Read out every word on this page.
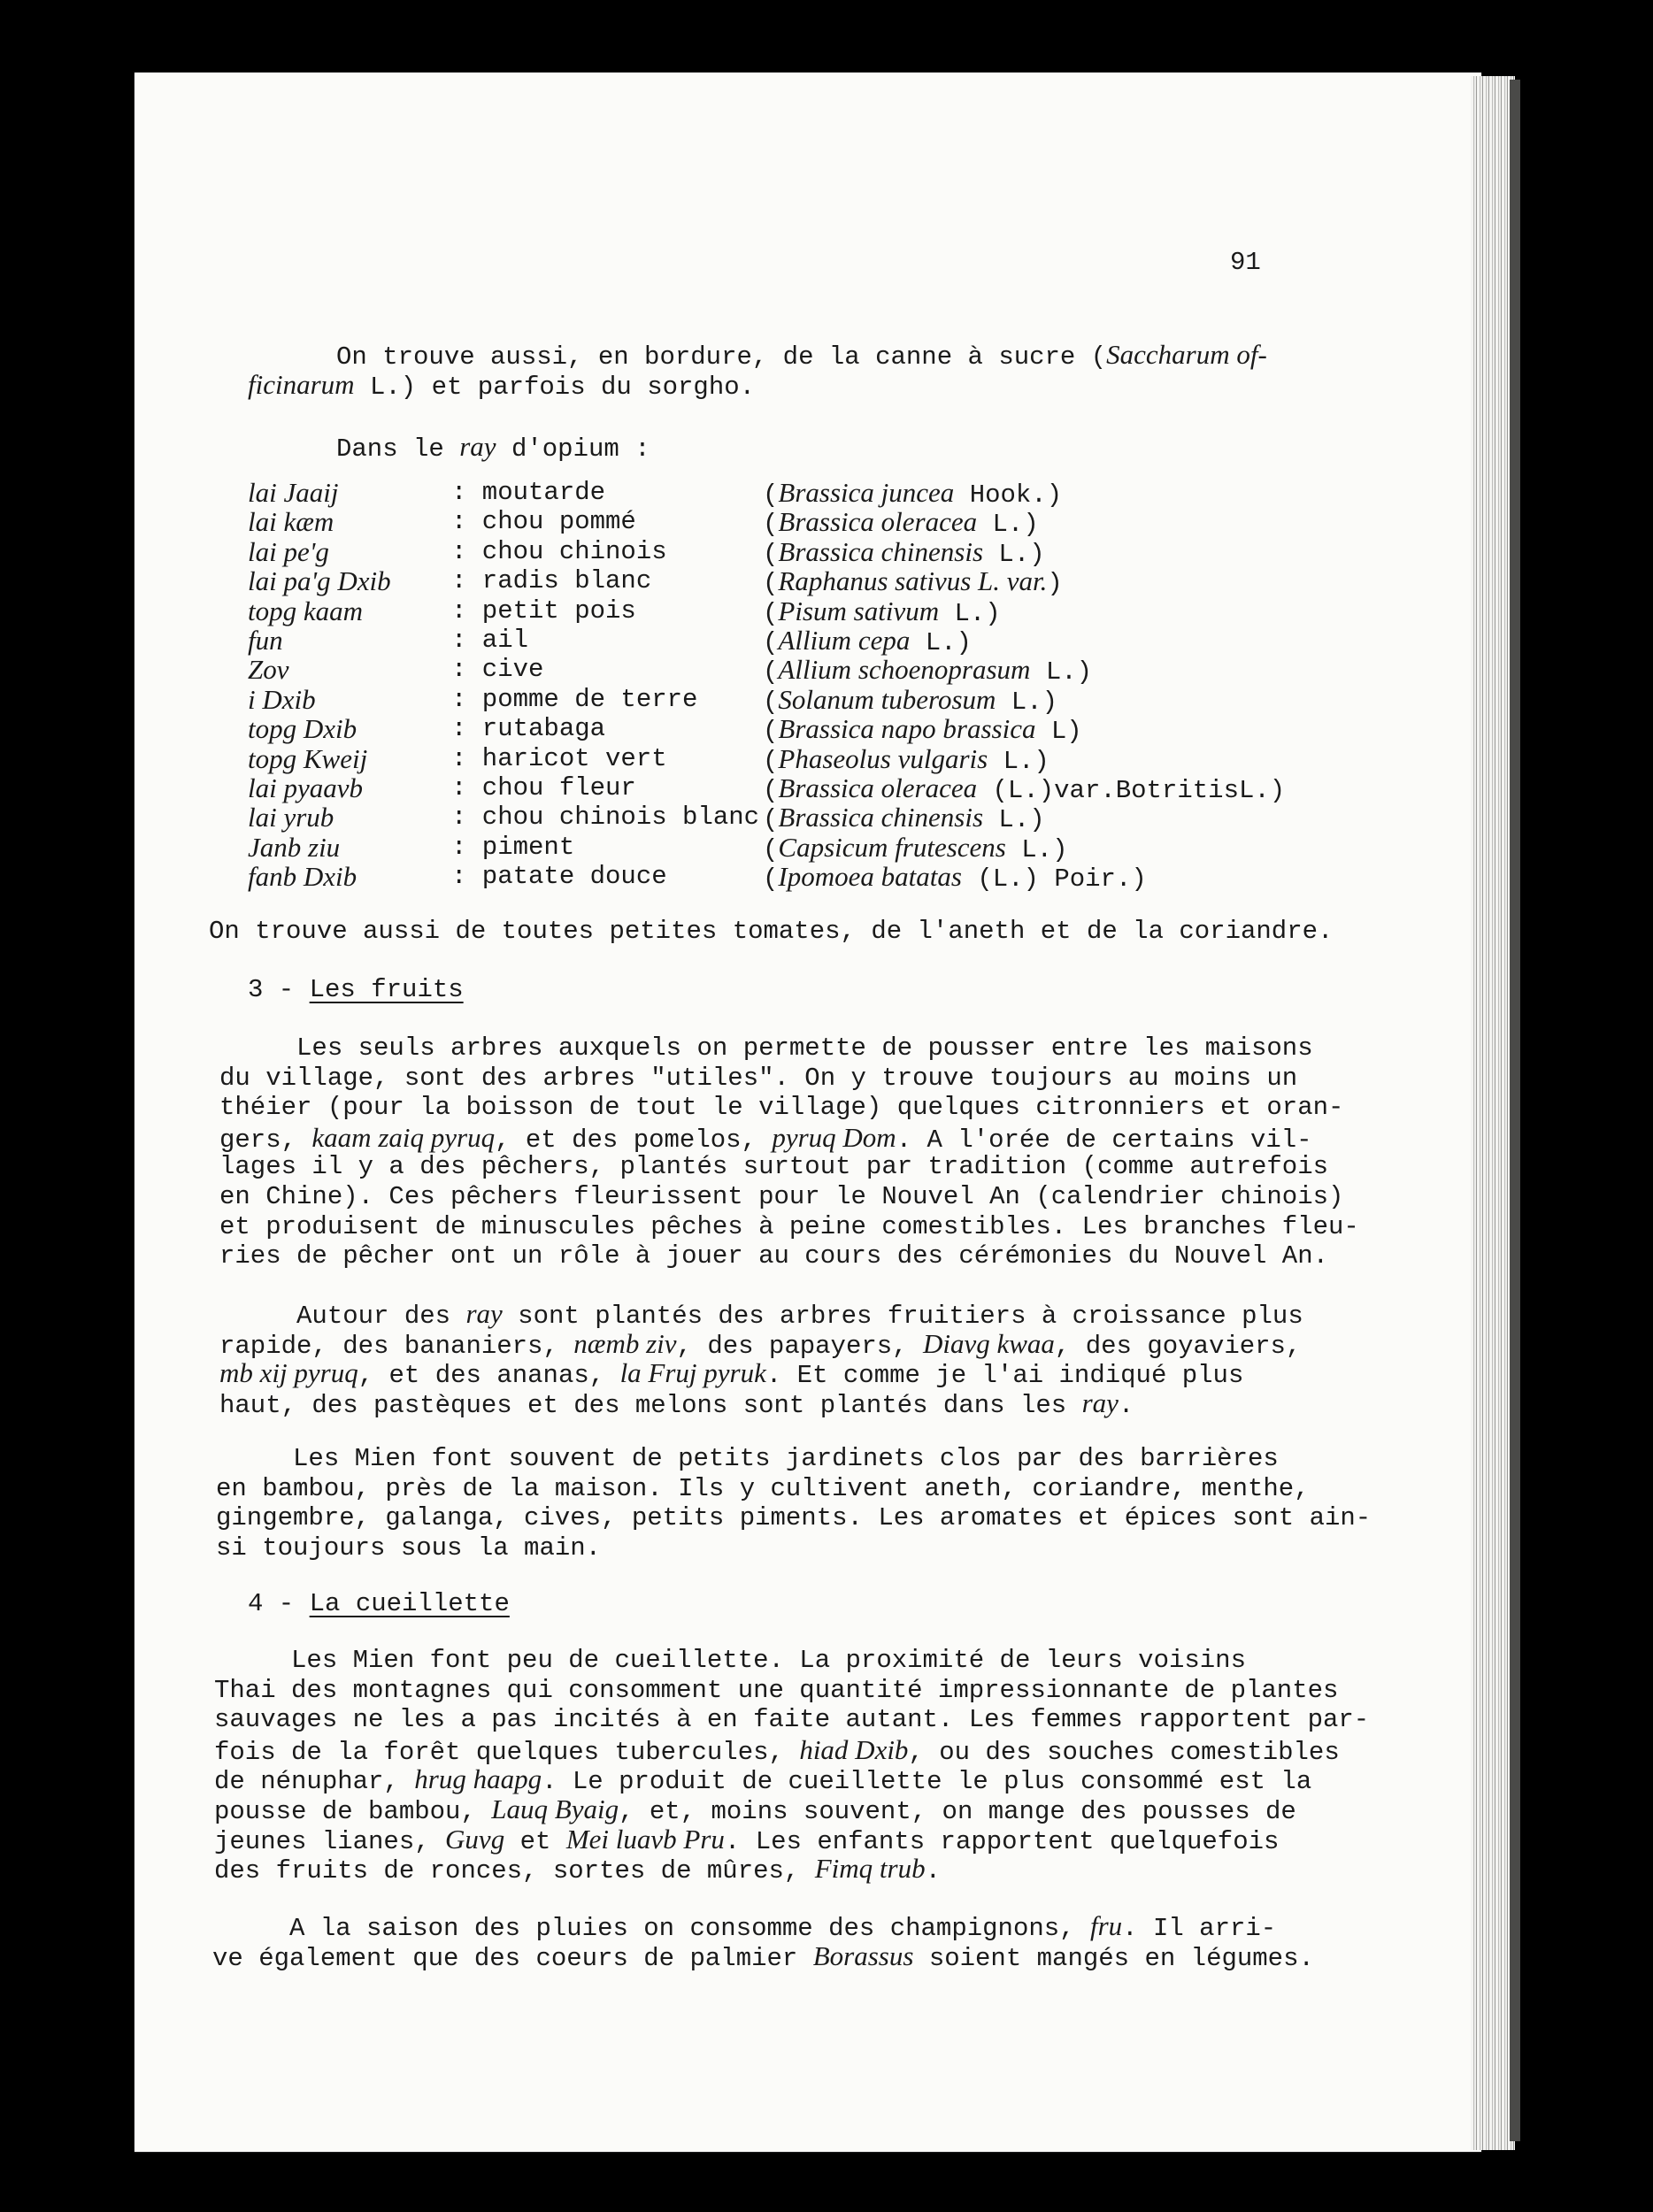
91
On trouve aussi, en bordure, de la canne à sucre (Saccharum of-
ficinarum L.) et parfois du sorgho.
Dans le ray d'opium :
lai Jaaij	: moutarde	(Brassica juncea Hook.)
lai kæm	: chou pommé	(Brassica oleracea L.)
lai pe'g	: chou chinois	(Brassica chinensis L.)
lai pa'g Dxib	: radis blanc	(Raphanus sativus L. var.)
topg kaam	: petit pois	(Pisum sativum L.)
fun	: ail	(Allium cepa L.)
Zov	: cive	(Allium schoenoprasum L.)
i Dxib	: pomme de terre	(Solanum tuberosum L.)
topg Dxib	: rutabaga	(Brassica napo brassica L)
topg Kweij	: haricot vert	(Phaseolus vulgaris L.)
lai pyaavb	: chou fleur	(Brassica oleracea (L.)var.BotritisL.)
lai yrub	: chou chinois blanc (Brassica chinensis L.)
Janb ziu	: piment	(Capsicum frutescens L.)
fanb Dxib	: patate douce	(Ipomoea batatas (L.) Poir.)
On trouve aussi de toutes petites tomates, de l'aneth et de la coriandre.
3 - Les fruits
Les seuls arbres auxquels on permette de pousser entre les maisons
du village, sont des arbres "utiles". On y trouve toujours au moins un
théier (pour la boisson de tout le village) quelques citronniers et oran-
gers, kaam zaiq pyruq, et des pomelos, pyruq Dom. A l'orée de certains vil-
lages il y a des pêchers, plantés surtout par tradition (comme autrefois
en Chine). Ces pêchers fleurissent pour le Nouvel An (calendrier chinois)
et produisent de minuscules pêches à peine comestibles. Les branches fleu-
ries de pêcher ont un rôle à jouer au cours des cérémonies du Nouvel An.
Autour des ray sont plantés des arbres fruitiers à croissance plus
rapide, des bananiers, næmb ziv, des papayers, Diavg kwaa, des goyaviers,
mb xij pyruq, et des ananas, la Fruj pyruk. Et comme je l'ai indiqué plus
haut, des pastèques et des melons sont plantés dans les ray.
Les Mien font souvent de petits jardinets clos par des barrières
en bambou, près de la maison. Ils y cultivent aneth, coriandre, menthe,
gingembre, galanga, cives, petits piments. Les aromates et épices sont ain-
si toujours sous la main.
4 - La cueillette
Les Mien font peu de cueillette. La proximité de leurs voisins
Thai des montagnes qui consomment une quantité impressionnante de plantes
sauvages ne les a pas incités à en faite autant. Les femmes rapportent par-
fois de la forêt quelques tubercules, hiad Dxib, ou des souches comestibles
de nénuphar, hrug haapg. Le produit de cueillette le plus consommé est la
pousse de bambou, Lauq Byaig, et, moins souvent, on mange des pousses de
jeunes lianes, Guvg et Mei luavb Pru. Les enfants rapportent quelquefois
des fruits de ronces, sortes de mûres, Fimq trub.
A la saison des pluies on consomme des champignons, fru. Il arri-
ve également que des coeurs de palmier Borassus soient mangés en légumes.
